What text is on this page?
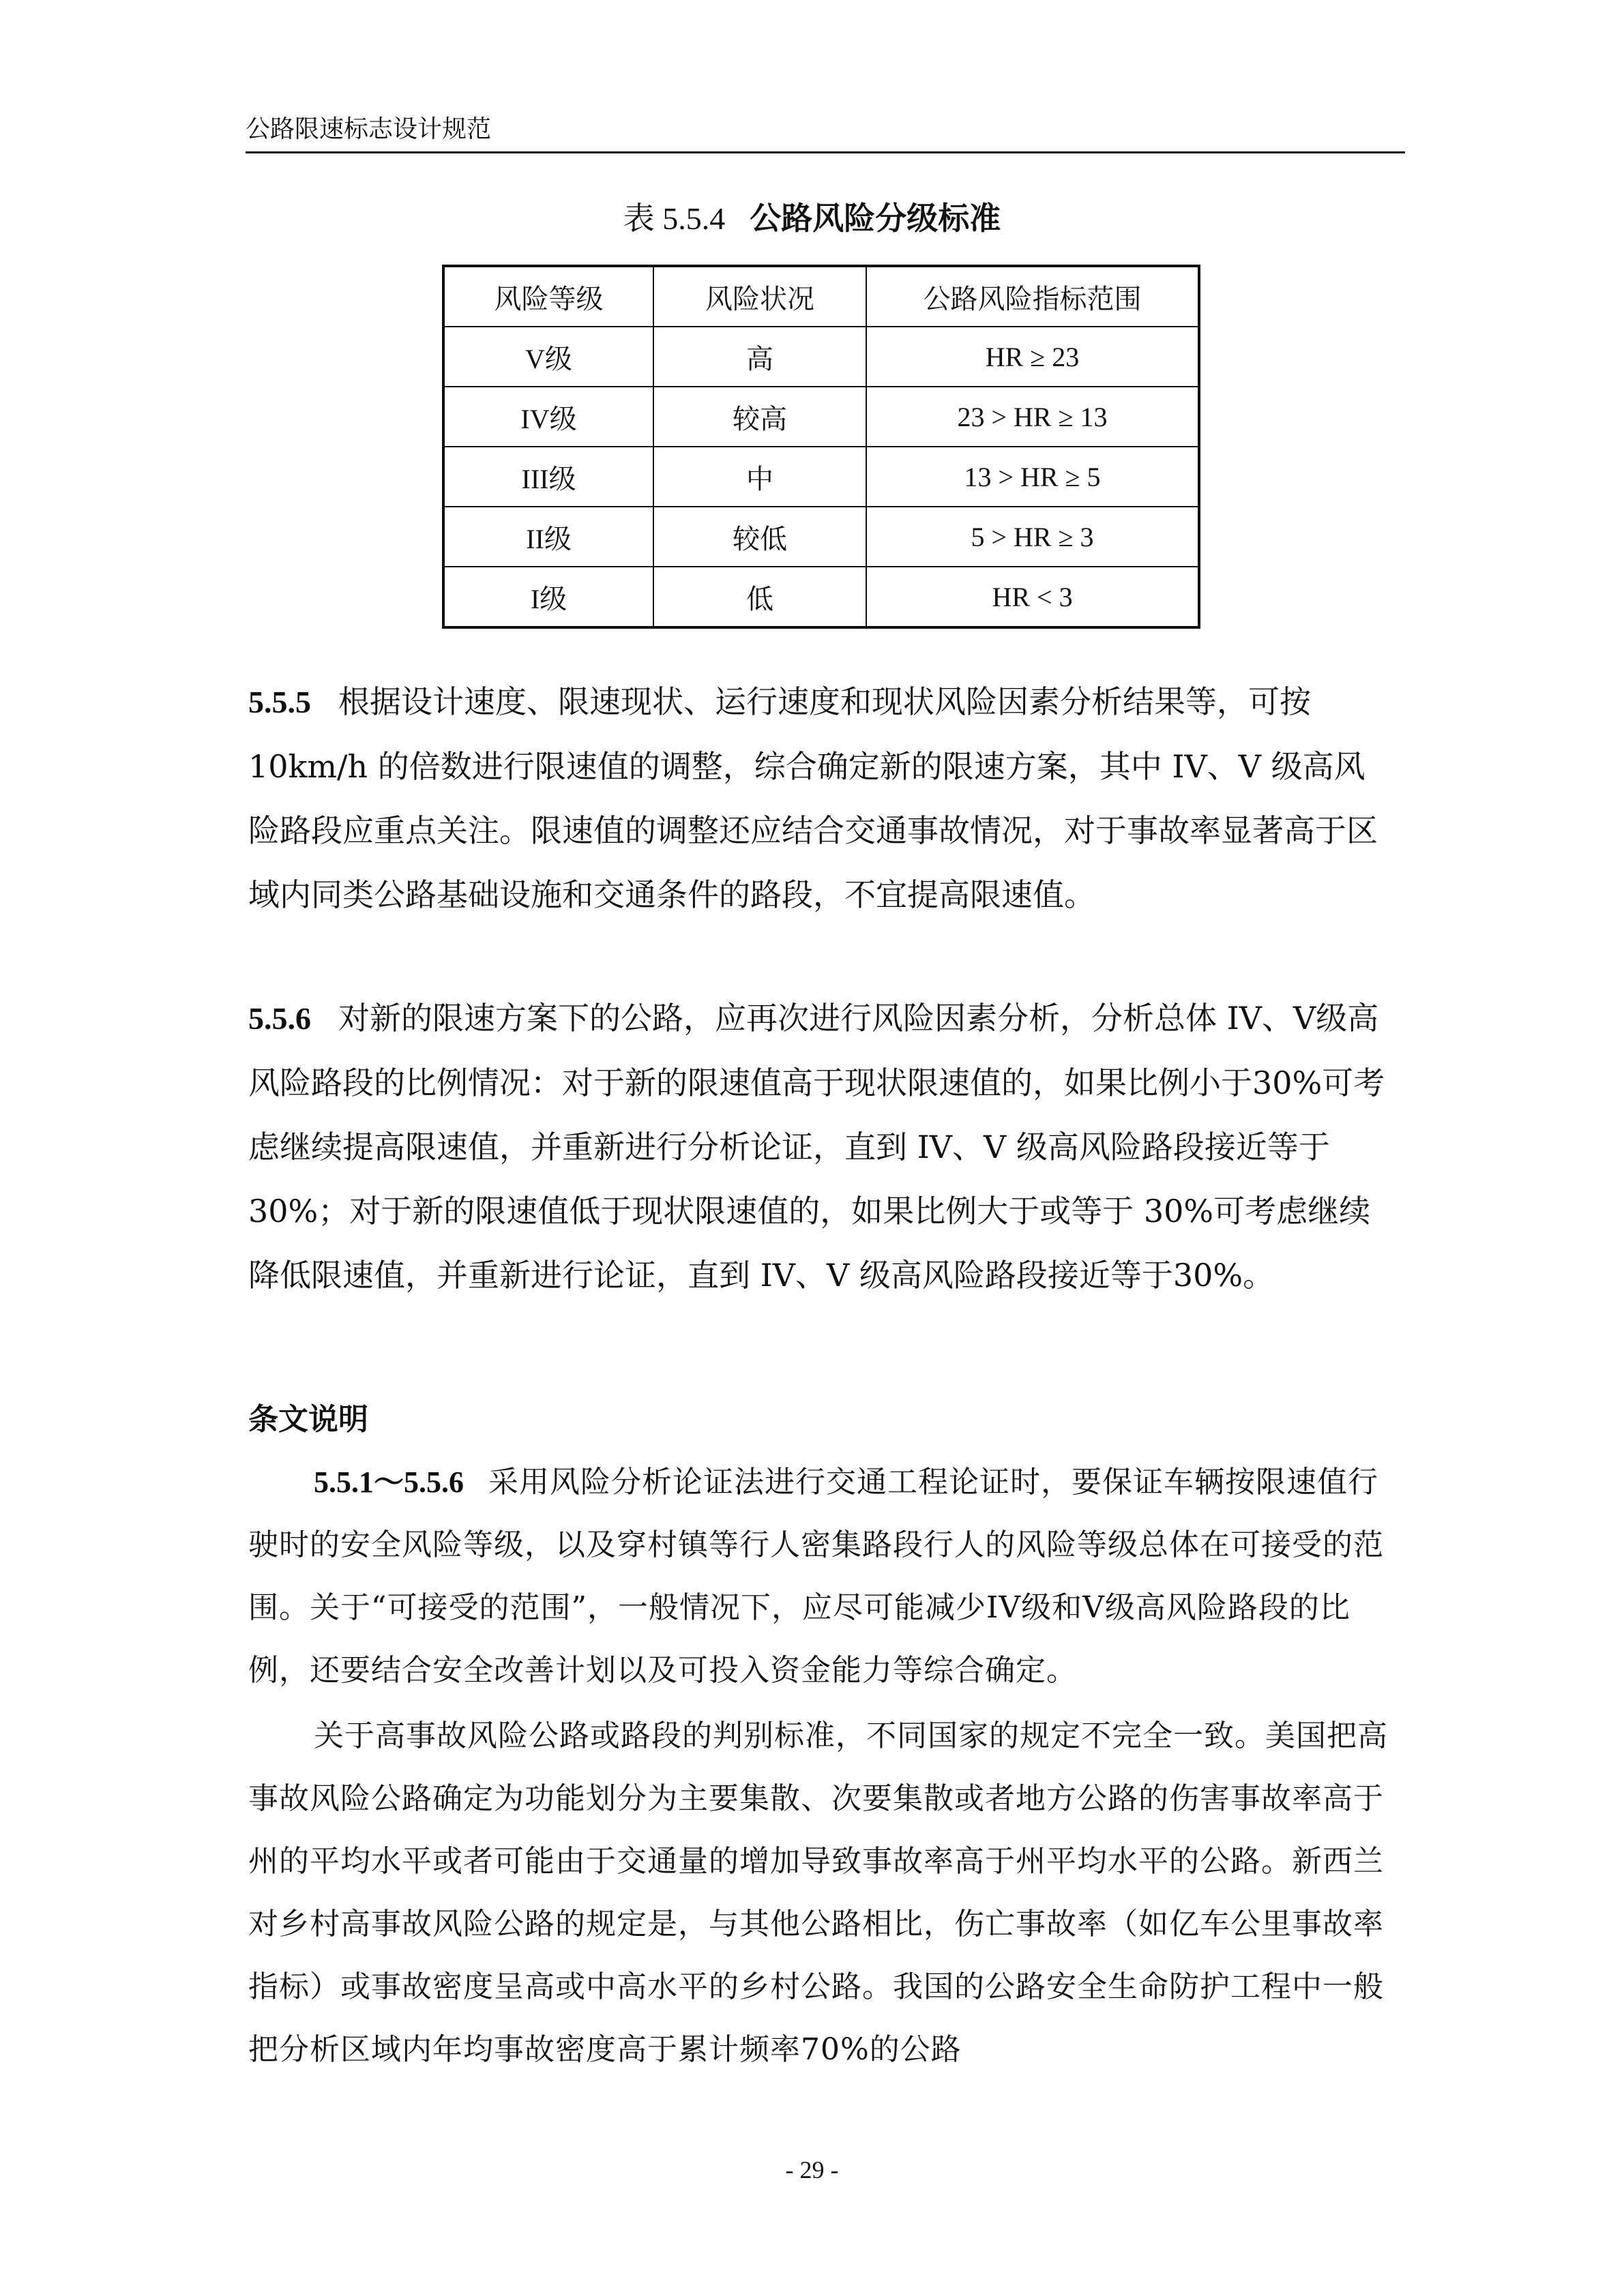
公路限速标志设计规范
表 5.5.4 公路风险分级标准
风险等级	风险状况	公路风险指标范围
V级	高	HR ≥ 23
IV级	较高	23 > HR ≥ 13
III级	中	13 > HR ≥ 5
II级	较低	5 > HR ≥ 3
I级	低	HR < 3

5.5.5 根据设计速度、限速现状、运行速度和现状风险因素分析结果等，可按10km/h 的倍数进行限速值的调整，综合确定新的限速方案，其中 IV、V 级高风险路段应重点关注。限速值的调整还应结合交通事故情况，对于事故率显著高于区域内同类公路基础设施和交通条件的路段，不宜提高限速值。

5.5.6 对新的限速方案下的公路，应再次进行风险因素分析，分析总体 IV、V级高风险路段的比例情况：对于新的限速值高于现状限速值的，如果比例小于30%可考虑继续提高限速值，并重新进行分析论证，直到 IV、V 级高风险路段接近等于 30%；对于新的限速值低于现状限速值的，如果比例大于或等于 30%可考虑继续降低限速值，并重新进行论证，直到 IV、V 级高风险路段接近等于30%。

条文说明

5.5.1～5.5.6 采用风险分析论证法进行交通工程论证时，要保证车辆按限速值行驶时的安全风险等级，以及穿村镇等行人密集路段行人的风险等级总体在可接受的范围。关于“可接受的范围”，一般情况下，应尽可能减少IV级和V级高风险路段的比例，还要结合安全改善计划以及可投入资金能力等综合确定。

关于高事故风险公路或路段的判别标准，不同国家的规定不完全一致。美国把高事故风险公路确定为功能划分为主要集散、次要集散或者地方公路的伤害事故率高于州的平均水平或者可能由于交通量的增加导致事故率高于州平均水平的公路。新西兰对乡村高事故风险公路的规定是，与其他公路相比，伤亡事故率（如亿车公里事故率指标）或事故密度呈高或中高水平的乡村公路。我国的公路安全生命防护工程中一般把分析区域内年均事故密度高于累计频率70%的公路

- 29 -
